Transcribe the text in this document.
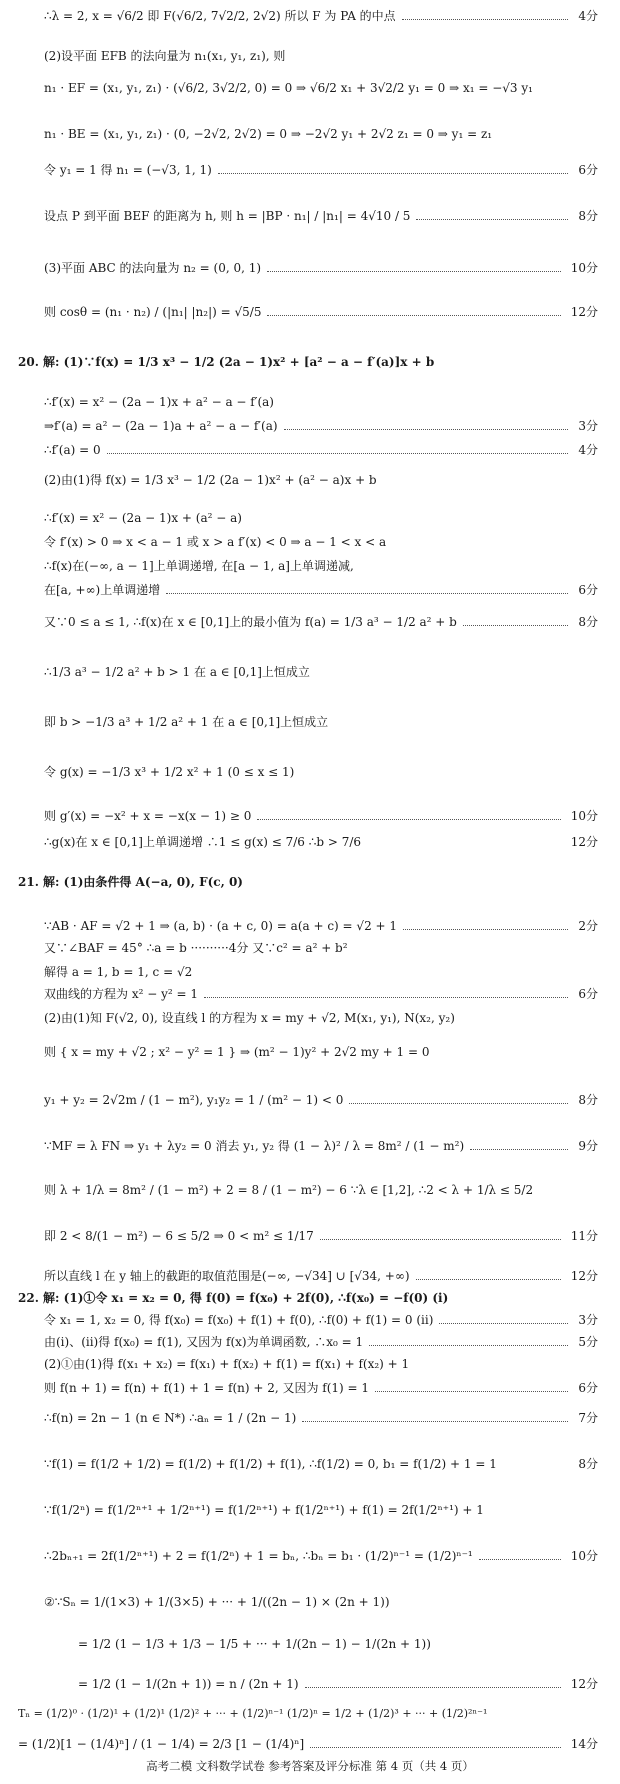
∴λ = 2, x = √6/2 即 F(√6/2, 7√2/2, 2√2) 所以 F 为 PA 的中点	4分
(2)设平面 EFB 的法向量为 n₁(x₁, y₁, z₁), 则
n₁ · EF = (x₁, y₁, z₁) · (√6/2, 3√2/2, 0) = 0 ⇒ √6/2 x₁ + 3√2/2 y₁ = 0 ⇒ x₁ = −√3 y₁
n₁ · BE = (x₁, y₁, z₁) · (0, −2√2, 2√2) = 0 ⇒ −2√2 y₁ + 2√2 z₁ = 0 ⇒ y₁ = z₁
令 y₁ = 1 得 n₁ = (−√3, 1, 1)	6分
设点 P 到平面 BEF 的距离为 h, 则 h = |BP · n₁| / |n₁| = 4√10 / 5	8分
(3)平面 ABC 的法向量为 n₂ = (0, 0, 1)	10分
则 cosθ = (n₁ · n₂) / (|n₁| |n₂|) = √5/5	12分
20. 解: (1)∵f(x) = 1/3 x³ − 1/2 (2a − 1)x² + [a² − a − f′(a)]x + b
∴f′(x) = x² − (2a − 1)x + a² − a − f′(a)
⇒f′(a) = a² − (2a − 1)a + a² − a − f′(a)	3分
∴f′(a) = 0	4分
(2)由(1)得 f(x) = 1/3 x³ − 1/2 (2a − 1)x² + (a² − a)x + b
∴f′(x) = x² − (2a − 1)x + (a² − a)
令 f′(x) > 0 ⇒ x < a − 1 或 x > a f′(x) < 0 ⇒ a − 1 < x < a
∴f(x)在(−∞, a − 1]上单调递增, 在[a − 1, a]上单调递减,
在[a, +∞)上单调递增	6分
又∵0 ≤ a ≤ 1, ∴f(x)在 x ∈ [0,1]上的最小值为 f(a) = 1/3 a³ − 1/2 a² + b	8分
∴1/3 a³ − 1/2 a² + b > 1 在 a ∈ [0,1]上恒成立
即 b > −1/3 a³ + 1/2 a² + 1 在 a ∈ [0,1]上恒成立
令 g(x) = −1/3 x³ + 1/2 x² + 1 (0 ≤ x ≤ 1)
则 g′(x) = −x² + x = −x(x − 1) ≥ 0	10分
∴g(x)在 x ∈ [0,1]上单调递增 ∴1 ≤ g(x) ≤ 7/6 ∴b > 7/6	12分
21. 解: (1)由条件得 A(−a, 0), F(c, 0)
∵AB · AF = √2 + 1 ⇒ (a, b) · (a + c, 0) = a(a + c) = √2 + 1	2分
又∵∠BAF = 45° ∴a = b ··········4分 又∵c² = a² + b²
解得 a = 1, b = 1, c = √2
双曲线的方程为 x² − y² = 1	6分
(2)由(1)知 F(√2, 0), 设直线 l 的方程为 x = my + √2, M(x₁, y₁), N(x₂, y₂)
则 { x = my + √2 ; x² − y² = 1 } ⇒ (m² − 1)y² + 2√2 my + 1 = 0
y₁ + y₂ = 2√2m / (1 − m²), y₁y₂ = 1 / (m² − 1) < 0	8分
∵MF = λ FN ⇒ y₁ + λy₂ = 0 消去 y₁, y₂ 得 (1 − λ)² / λ = 8m² / (1 − m²)	9分
则 λ + 1/λ = 8m² / (1 − m²) + 2 = 8 / (1 − m²) − 6 ∵λ ∈ [1,2], ∴2 < λ + 1/λ ≤ 5/2
即 2 < 8/(1 − m²) − 6 ≤ 5/2 ⇒ 0 < m² ≤ 1/17	11分
所以直线 l 在 y 轴上的截距的取值范围是(−∞, −√34] ∪ [√34, +∞)	12分
22. 解: (1)①令 x₁ = x₂ = 0, 得 f(0) = f(x₀) + 2f(0), ∴f(x₀) = −f(0) (i)
令 x₁ = 1, x₂ = 0, 得 f(x₀) = f(x₀) + f(1) + f(0), ∴f(0) + f(1) = 0 (ii)	3分
由(i)、(ii)得 f(x₀) = f(1), 又因为 f(x)为单调函数, ∴x₀ = 1	5分
(2)①由(1)得 f(x₁ + x₂) = f(x₁) + f(x₂) + f(1) = f(x₁) + f(x₂) + 1
则 f(n + 1) = f(n) + f(1) + 1 = f(n) + 2, 又因为 f(1) = 1	6分
∴f(n) = 2n − 1 (n ∈ N*) ∴aₙ = 1 / (2n − 1)	7分
∵f(1) = f(1/2 + 1/2) = f(1/2) + f(1/2) + f(1), ∴f(1/2) = 0, b₁ = f(1/2) + 1 = 1	8分
∵f(1/2ⁿ) = f(1/2ⁿ⁺¹ + 1/2ⁿ⁺¹) = f(1/2ⁿ⁺¹) + f(1/2ⁿ⁺¹) + f(1) = 2f(1/2ⁿ⁺¹) + 1
∴2bₙ₊₁ = 2f(1/2ⁿ⁺¹) + 2 = f(1/2ⁿ) + 1 = bₙ, ∴bₙ = b₁ · (1/2)ⁿ⁻¹ = (1/2)ⁿ⁻¹	10分
②∵Sₙ = 1/(1×3) + 1/(3×5) + ··· + 1/((2n − 1) × (2n + 1))
= 1/2 (1 − 1/3 + 1/3 − 1/5 + ··· + 1/(2n − 1) − 1/(2n + 1))
= 1/2 (1 − 1/(2n + 1)) = n / (2n + 1)	12分
Tₙ = (1/2)⁰ · (1/2)¹ + (1/2)¹ (1/2)² + ··· + (1/2)ⁿ⁻¹ (1/2)ⁿ = 1/2 + (1/2)³ + ··· + (1/2)²ⁿ⁻¹
= (1/2)[1 − (1/4)ⁿ] / (1 − 1/4) = 2/3 [1 − (1/4)ⁿ]	14分
高考二模 文科数学试卷 参考答案及评分标准 第 4 页（共 4 页）
